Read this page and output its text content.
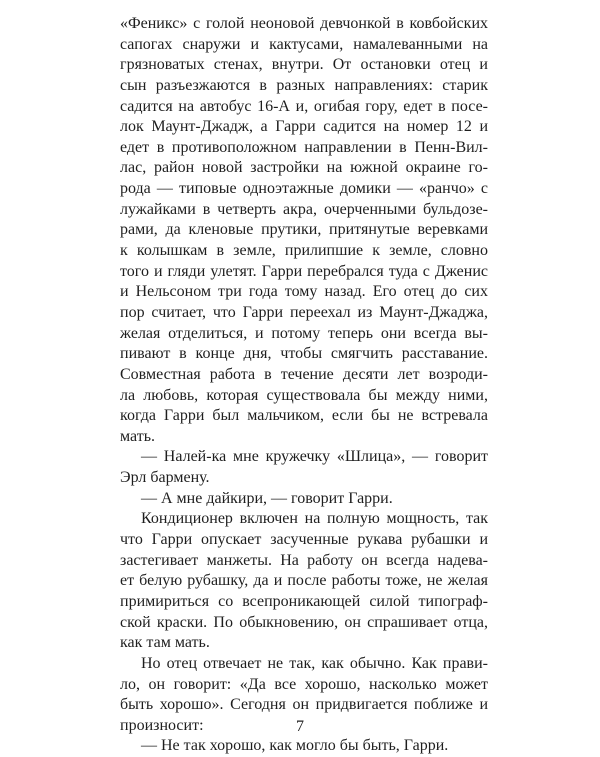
«Феникс» с голой неоновой девчонкой в ковбойских
сапогах снаружи и кактусами, намалеванными на
грязноватых стенах, внутри. От остановки отец и
сын разъезжаются в разных направлениях: старик
садится на автобус 16-А и, огибая гору, едет в посе-
лок Маунт-Джадж, а Гарри садится на номер 12 и
едет в противоположном направлении в Пенн-Вил-
лас, район новой застройки на южной окраине го-
рода — типовые одноэтажные домики — «ранчо» с
лужайками в четверть акра, очерченными бульдозе-
рами, да кленовые прутики, притянутые веревками
к колышкам в земле, прилипшие к земле, словно
того и гляди улетят. Гарри перебрался туда с Дженис
и Нельсоном три года тому назад. Его отец до сих
пор считает, что Гарри переехал из Маунт-Джаджа,
желая отделиться, и потому теперь они всегда вы-
пивают в конце дня, чтобы смягчить расставание.
Совместная работа в течение десяти лет возроди-
ла любовь, которая существовала бы между ними,
когда Гарри был мальчиком, если бы не встревала
мать.
— Налей-ка мне кружечку «Шлица», — говорит
Эрл бармену.
— А мне дайкири, — говорит Гарри.
Кондиционер включен на полную мощность, так
что Гарри опускает засученные рукава рубашки и
застегивает манжеты. На работу он всегда надева-
ет белую рубашку, да и после работы тоже, не желая
примириться со всепроникающей силой типограф-
ской краски. По обыкновению, он спрашивает отца,
как там мать.
Но отец отвечает не так, как обычно. Как прави-
ло, он говорит: «Да все хорошо, насколько может
быть хорошо». Сегодня он придвигается поближе и
произносит:
— Не так хорошо, как могло бы быть, Гарри.
7
